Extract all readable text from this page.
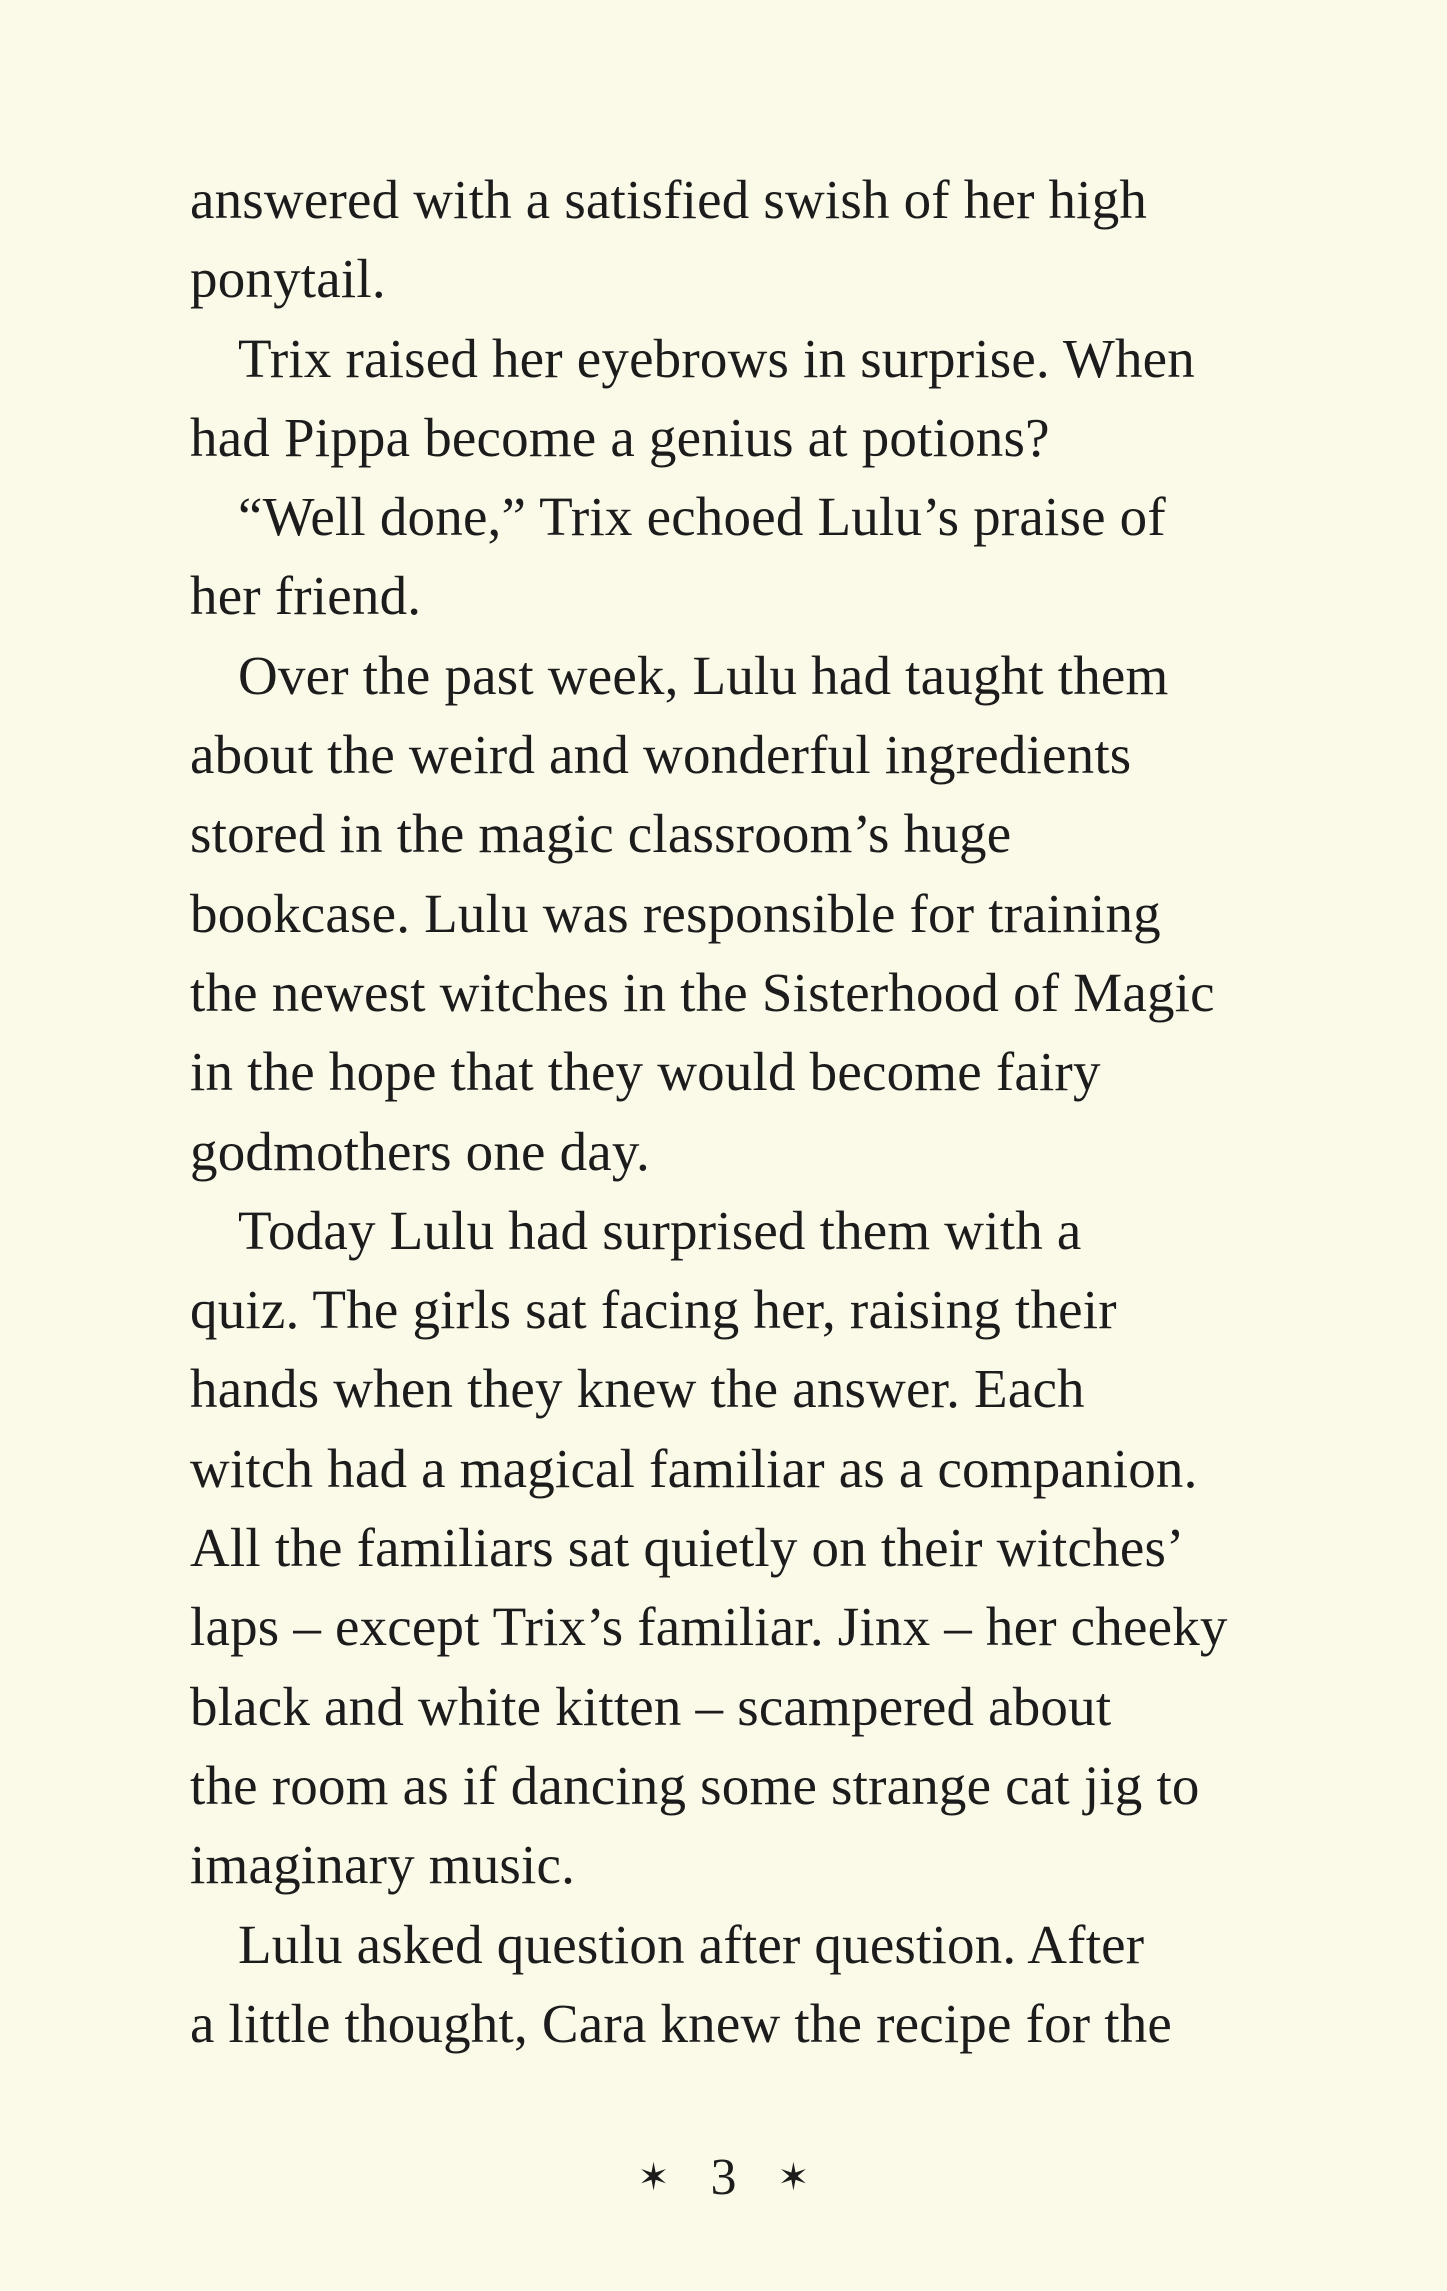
answered with a satisfied swish of her high
ponytail.
Trix raised her eyebrows in surprise. When
had Pippa become a genius at potions?
“Well done,” Trix echoed Lulu’s praise of
her friend.
Over the past week, Lulu had taught them
about the weird and wonderful ingredients
stored in the magic classroom’s huge
bookcase. Lulu was responsible for training
the newest witches in the Sisterhood of Magic
in the hope that they would become fairy
godmothers one day.
Today Lulu had surprised them with a
quiz. The girls sat facing her, raising their
hands when they knew the answer. Each
witch had a magical familiar as a companion.
All the familiars sat quietly on their witches’
laps – except Trix’s familiar. Jinx – her cheeky
black and white kitten – scampered about
the room as if dancing some strange cat jig to
imaginary music.
Lulu asked question after question. After
a little thought, Cara knew the recipe for the
✶ 3 ✶
